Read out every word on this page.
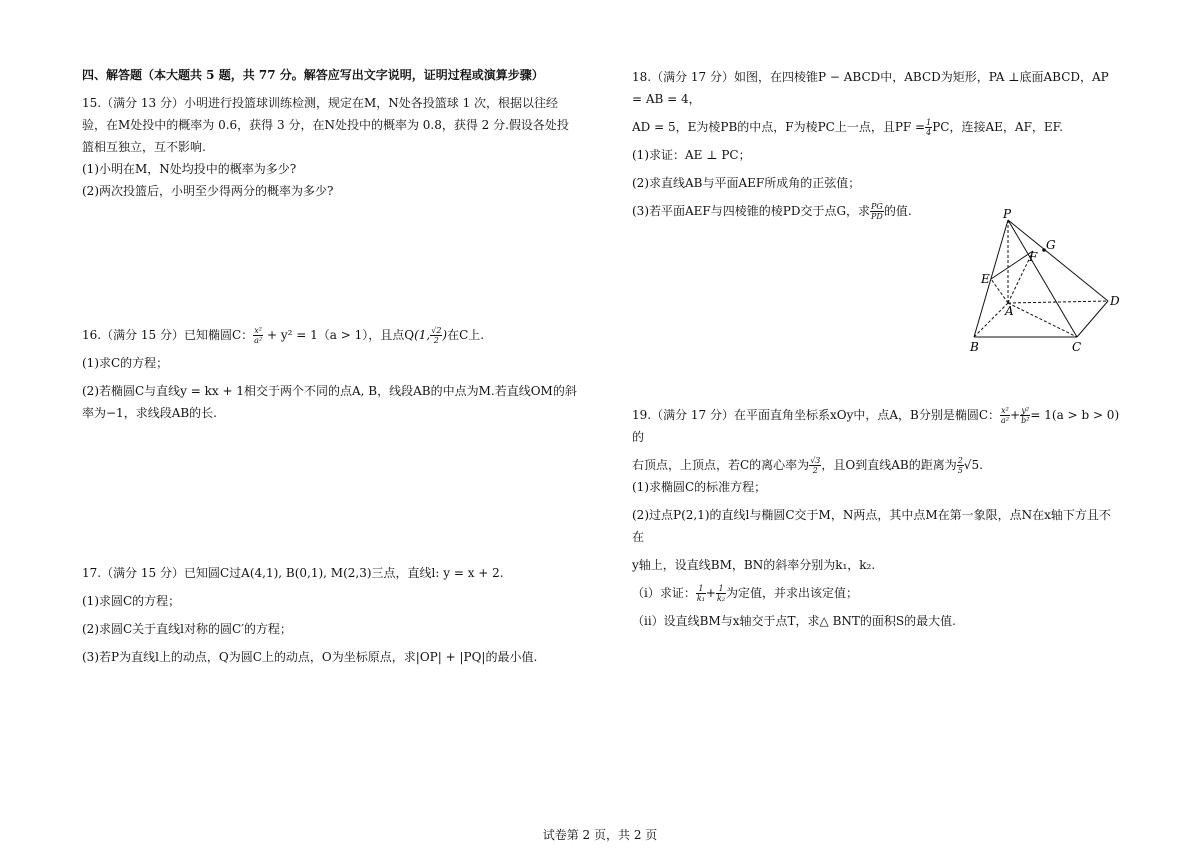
四、解答题（本大题共 5 题，共 77 分。解答应写出文字说明，证明过程或演算步骤）

15.（满分 13 分）小明进行投篮球训练检测，规定在M，N处各投篮球 1 次，根据以往经

验，在M处投中的概率为 0.6，获得 3 分，在N处投中的概率为 0.8，获得 2 分.假设各处投

篮相互独立，互不影响.

(1)小明在M，N处均投中的概率为多少?

(2)两次投篮后，小明至少得两分的概率为多少?

16.（满分 15 分）已知椭圆C： $\frac{\text{x²}}{\text{a²}} + y^2 = 1(a > 1)$，且点Q(1, $\frac{√2}{2}$ )在C上.

(1)求C的方程；

(2)若椭圆C与直线y = kx + 1相交于两个不同的点A, B，线段AB的中点为M.若直线OM的斜

率为−1，求线段AB的长.

17.（满分 15 分）已知圆C过A(4,1), B(0,1), M(2,3)三点，直线l: y = x + 2.

(1)求圆C的方程；

(2)求圆C关于直线l对称的圆C′的方程；

(3)若P为直线l上的动点，Q为圆C上的动点，O为坐标原点，求|OP| + |PQ|的最小值.

18.（满分 17 分）如图，在四棱锥P − ABCD中，ABCD为矩形，PA ⊥底面ABCD，AP = AB = 4，

AD = 5，E为棱PB的中点，F为棱PC上一点，且PF = $\frac{1}{4}$ PC，连接AE，AF，EF.

(1)求证：AE ⊥ PC；

(2)求直线AB与平面AEF所成角的正弦值；

(3)若平面AEF与四棱锥的棱PD交于点G，求 $\frac{PG}{PD}$ 的值.

19.（满分 17 分）在平面直角坐标系xOy中，点A，B分别是椭圆C： $\frac{\text{x²}}{\text{a²}} + \frac{\text{y²}}{\text{b²}} = 1(a > b > 0)$的

右顶点，上顶点，若C的离心率为 $\frac{√3}{2}$ ，且O到直线AB的距离为 $\frac{2}{5} √5$.

(1)求椭圆C的标准方程；

(2)过点P(2,1)的直线l与椭圆C交于M，N两点，其中点M在第一象限，点N在x轴下方且不在

y轴上，设直线BM，BN的斜率分别为k₁，k₂.

（i）求证： $\frac{1}{\text{k₁}} + \frac{1}{\text{k₂}}$ 为定值，并求出该定值；

（ii）设直线BM与x轴交于点T，求△ BNT的面积S的最大值.

P
G
F
E
D
A
B	C
试卷第 2 页，共 2 页
